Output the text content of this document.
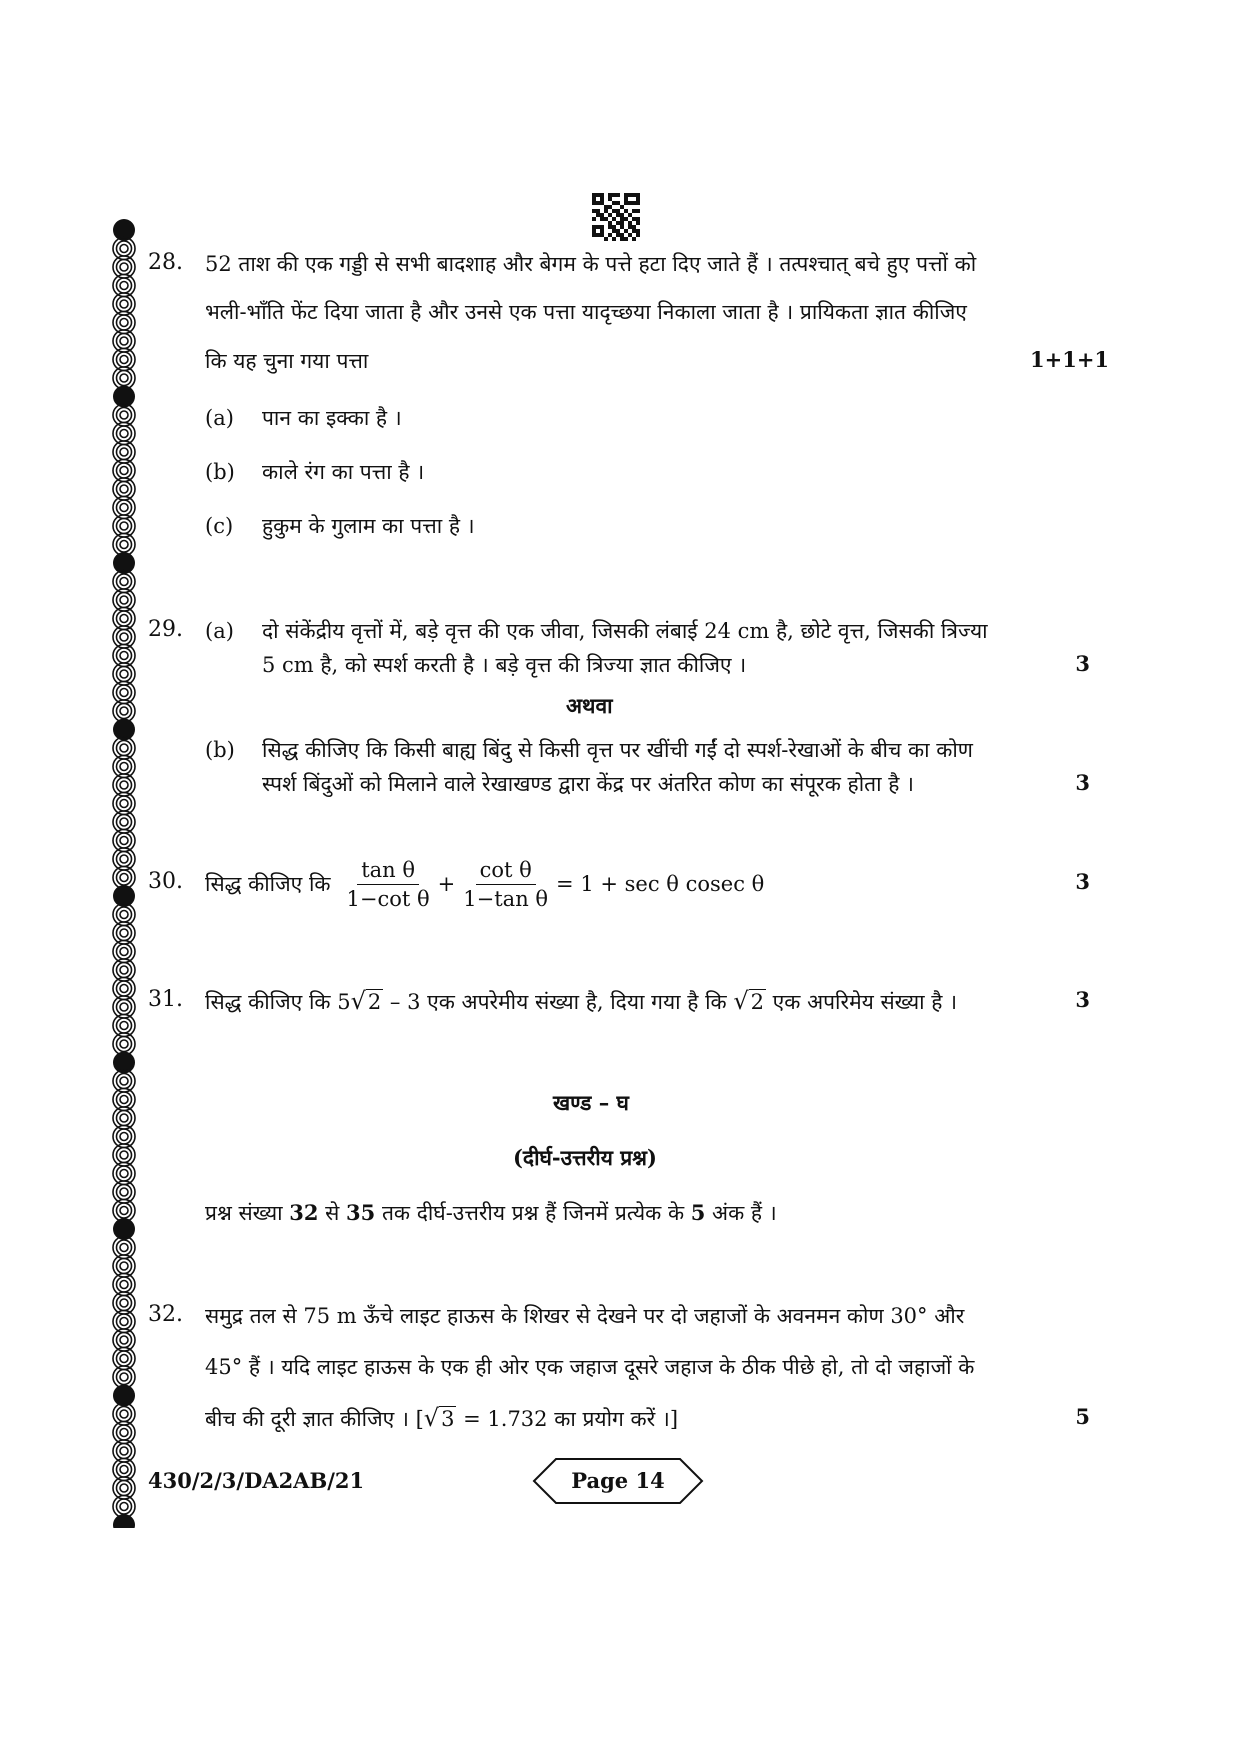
28. 52 ताश की एक गड्डी से सभी बादशाह और बेगम के पत्ते हटा दिए जाते हैं । तत्पश्चात् बचे हुए पत्तों को
भली-भाँति फेंट दिया जाता है और उनसे एक पत्ता यादृच्छया निकाला जाता है । प्रायिकता ज्ञात कीजिए
कि यह चुना गया पत्ता	1+1+1
(a) पान का इक्का है ।
(b) काले रंग का पत्ता है ।
(c) हुकुम के गुलाम का पत्ता है ।
29. (a) दो संकेंद्रीय वृत्तों में, बड़े वृत्त की एक जीवा, जिसकी लंबाई 24 cm है, छोटे वृत्त, जिसकी त्रिज्या
5 cm है, को स्पर्श करती है । बड़े वृत्त की त्रिज्या ज्ञात कीजिए ।	3
अथवा
(b) सिद्ध कीजिए कि किसी बाह्य बिंदु से किसी वृत्त पर खींची गईं दो स्पर्श-रेखाओं के बीच का कोण
स्पर्श बिंदुओं को मिलाने वाले रेखाखण्ड द्वारा केंद्र पर अंतरित कोण का संपूरक होता है ।	3
30. सिद्ध कीजिए कि $\frac{\text{tan θ}}{\text{1−cot θ}} + \frac{\text{cot θ}}{\text{1−tan θ}} = 1 + \sec \theta$ cosec θ	3
31. सिद्ध कीजिए कि 5√2 – 3 एक अपरेमीय संख्या है, दिया गया है कि √2 एक अपरिमेय संख्या है ।	3
खण्ड – घ
(दीर्घ-उत्तरीय प्रश्न)
प्रश्न संख्या 32 से 35 तक दीर्घ-उत्तरीय प्रश्न हैं जिनमें प्रत्येक के 5 अंक हैं ।
32. समुद्र तल से 75 m ऊँचे लाइट हाऊस के शिखर से देखने पर दो जहाजों के अवनमन कोण 30° और
45° हैं । यदि लाइट हाऊस के एक ही ओर एक जहाज दूसरे जहाज के ठीक पीछे हो, तो दो जहाजों के
बीच की दूरी ज्ञात कीजिए । [√3 = 1.732 का प्रयोग करें ।]	5
430/2/3/DA2AB/21	Page 14
